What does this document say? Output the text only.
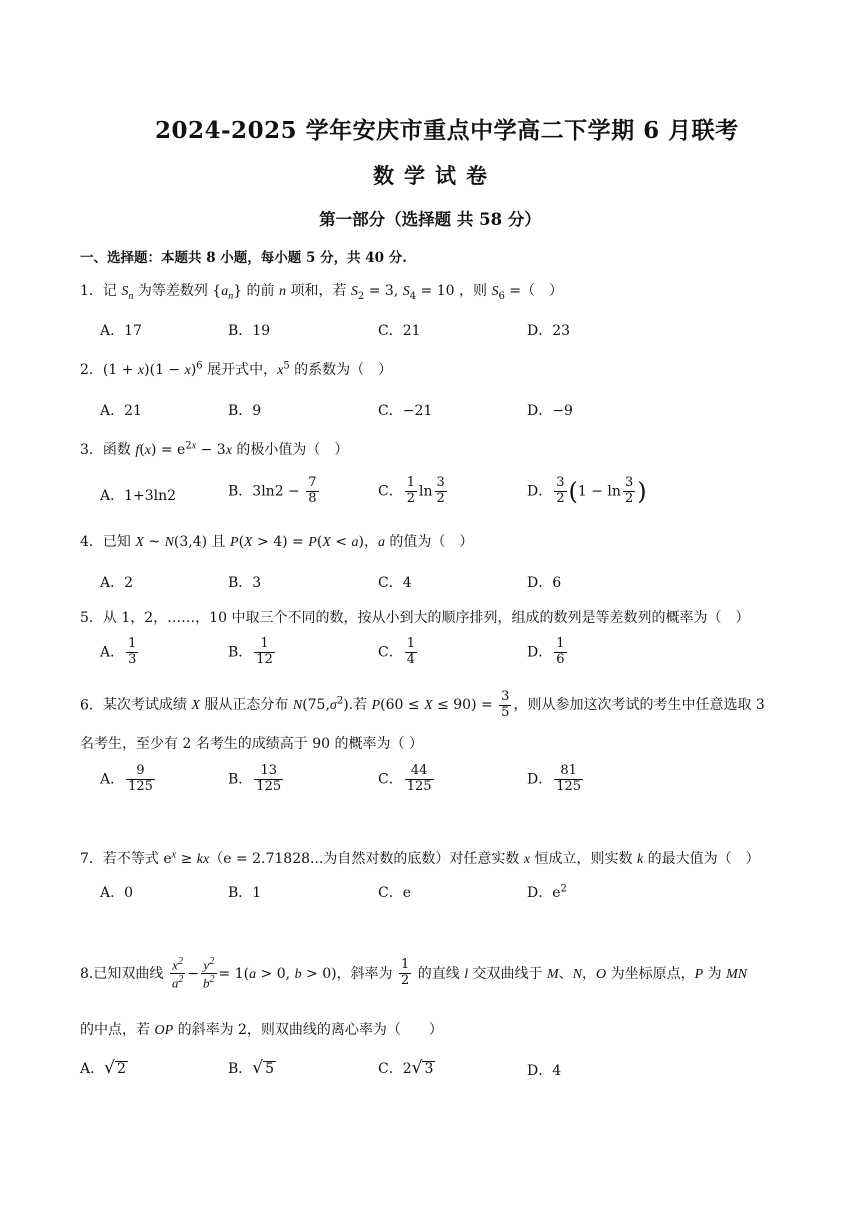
2024-2025 学年安庆市重点中学高二下学期 6 月联考
数学试卷
第一部分（选择题 共 58 分）
一、选择题：本题共 8 小题，每小题 5 分，共 40 分.
1．记 $S_n$ 为等差数列 $\{a_n\}$ 的前 n 项和，若 $S_2 = 3$, $S_4 = 10$ ，则 $S_6$ =（　）
A．17	B．19	C．21	D．23
2．$(1 + x)(1 - x)^6$ 展开式中，$x^5$ 的系数为（　）
A．21	B．9	C．−21	D．−9
3．函数 $f(x) = e^{2x} - 3x$ 的极小值为（　）
A．1+3ln2	B．$3\ln 2 - \frac{7}{8}$	C． $\frac{1}{2}$ $\ln \frac{3}{2}$	D． $\frac{3}{2} (1 - \ln \frac{3}{2}$ )
4．已知 X ~ N(3,4) 且 P(X > 4) = P(X < a)，a 的值为（　）
A．2	B．3	C．4	D．6
5．从 1，2，……，10 中取三个不同的数，按从小到大的顺序排列，组成的数列是等差数列的概率为（　）
A． $\frac{1}{3}$	B． $\frac{1}{12}$	C． $\frac{1}{4}$	D． $\frac{1}{6}$
6．某次考试成绩 X 服从正态分布 $N(75,\sigma^2)$.若 $P(60 \le X \le 90) = \frac{3}{5}$ ，则从参加这次考试的考生中任意选取 3
名考生，至少有 2 名考生的成绩高于 90 的概率为（ ）
A． $\frac{9}{125}$	B． $\frac{13}{125}$	C． $\frac{44}{125}$	D． $\frac{81}{125}$
7．若不等式 $e^x \ge kx(e = 2.71828$...为自然对数的底数）对任意实数 x 恒成立，则实数 k 的最大值为（　）
A．0	B．1	C．e	D．$e^2$
8.已知双曲线 $\frac{x^2}{a^2} - \frac{y^2}{b^2} = 1(a > 0$, b > 0)，斜率为 $\frac{1}{2}$ 的直线 l 交双曲线于 M、N，O 为坐标原点，P 为 MN
的中点，若 OP 的斜率为 2，则双曲线的离心率为（　　）
A． √ 2	B． √ 5	C．2 √ 3	D．4
